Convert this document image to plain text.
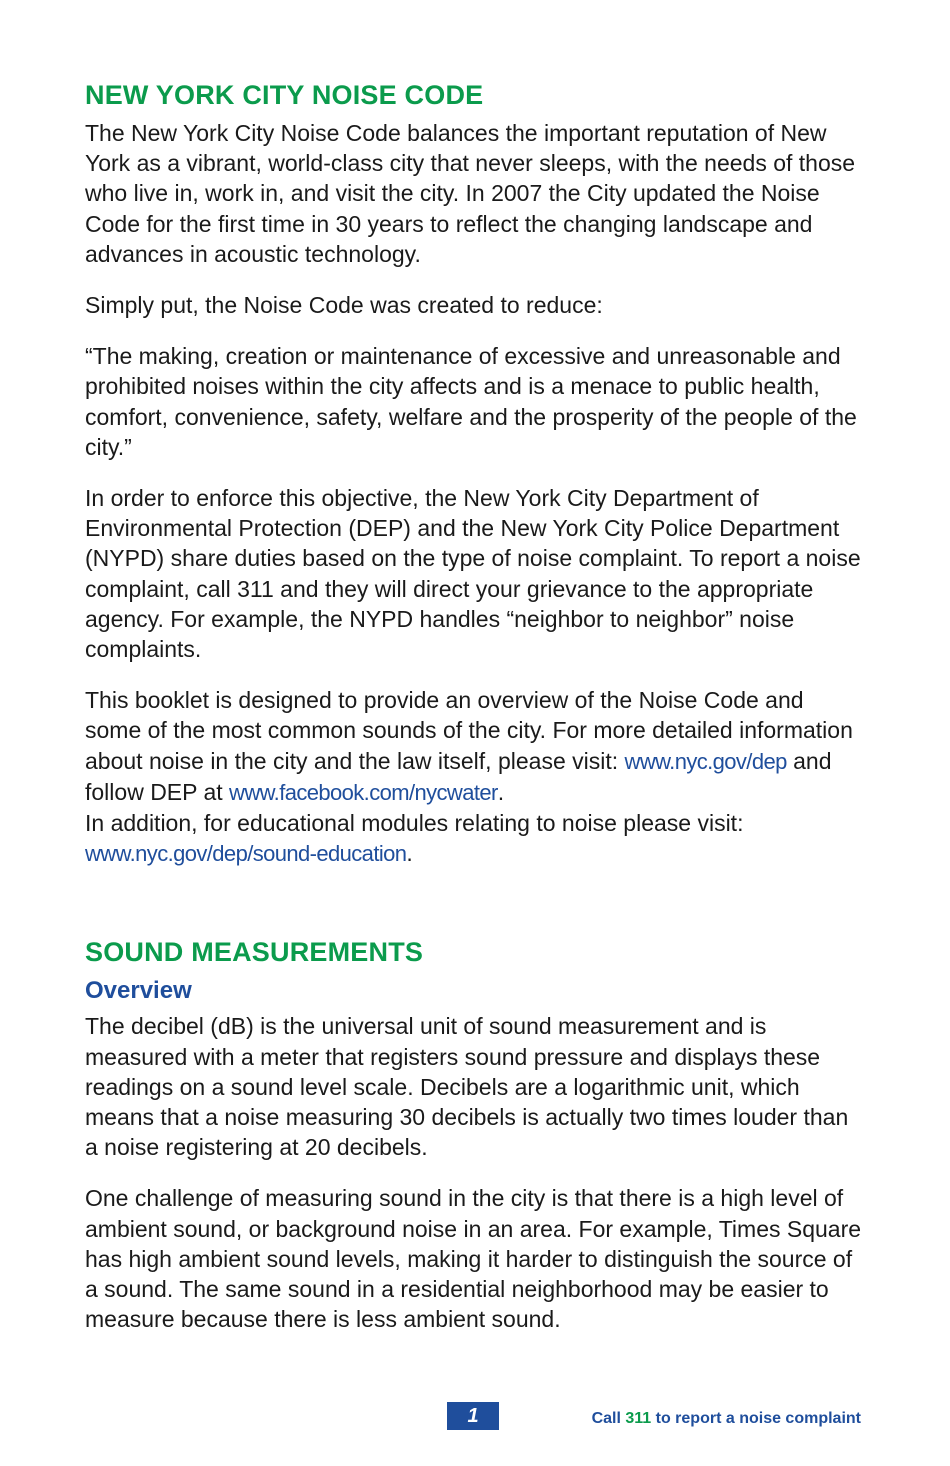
NEW YORK CITY NOISE CODE

The New York City Noise Code balances the important reputation of New York as a vibrant, world-class city that never sleeps, with the needs of those who live in, work in, and visit the city. In 2007 the City updated the Noise Code for the first time in 30 years to reflect the changing landscape and advances in acoustic technology.

Simply put, the Noise Code was created to reduce:

“The making, creation or maintenance of excessive and unreasonable and prohibited noises within the city affects and is a menace to public health, comfort, convenience, safety, welfare and the prosperity of the people of the city.”

In order to enforce this objective, the New York City Department of Environmental Protection (DEP) and the New York City Police Department (NYPD) share duties based on the type of noise complaint. To report a noise complaint, call 311 and they will direct your grievance to the appropriate agency. For example, the NYPD handles “neighbor to neighbor” noise complaints.

This booklet is designed to provide an overview of the Noise Code and some of the most common sounds of the city. For more detailed information about noise in the city and the law itself, please visit: www.nyc.gov/dep and follow DEP at www.facebook.com/nycwater.
In addition, for educational modules relating to noise please visit: www.nyc.gov/dep/sound-education.

SOUND MEASUREMENTS
Overview

The decibel (dB) is the universal unit of sound measurement and is measured with a meter that registers sound pressure and displays these readings on a sound level scale. Decibels are a logarithmic unit, which means that a noise measuring 30 decibels is actually two times louder than a noise registering at 20 decibels.

One challenge of measuring sound in the city is that there is a high level of ambient sound, or background noise in an area. For example, Times Square has high ambient sound levels, making it harder to distinguish the source of a sound. The same sound in a residential neighborhood may be easier to measure because there is less ambient sound.

1	Call 311 to report a noise complaint
